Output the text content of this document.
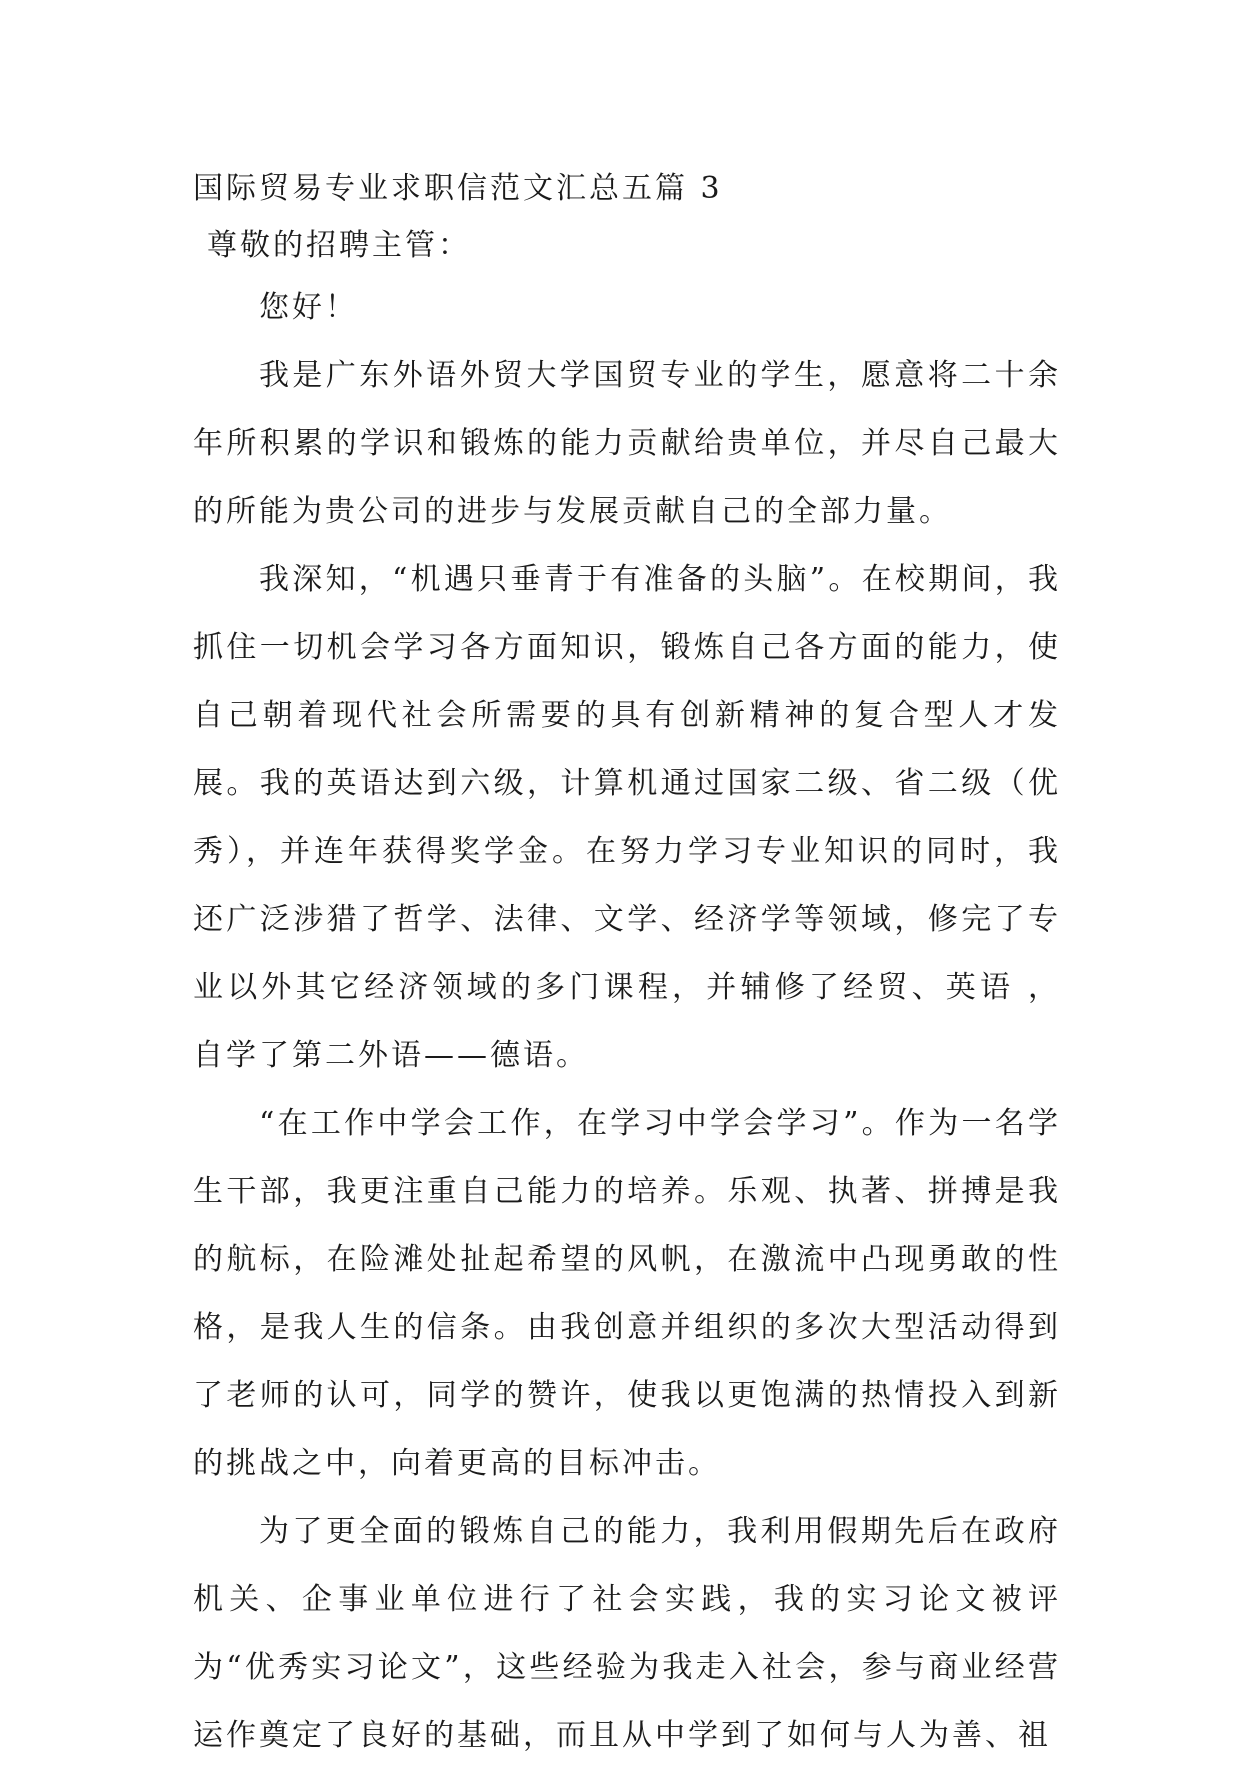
国际贸易专业求职信范文汇总五篇 3

尊敬的招聘主管：

您好！

我是广东外语外贸大学国贸专业的学生，愿意将二十余年所积累的学识和锻炼的能力贡献给贵单位，并尽自己最大的所能为贵公司的进步与发展贡献自己的全部力量。

我深知，“机遇只垂青于有准备的头脑”。在校期间，我抓住一切机会学习各方面知识，锻炼自己各方面的能力，使自己朝着现代社会所需要的具有创新精神的复合型人才发展。我的英语达到六级，计算机通过国家二级、省二级（优秀），并连年获得奖学金。在努力学习专业知识的同时，我还广泛涉猎了哲学、法律、文学、经济学等领域，修完了专业以外其它经济领域的多门课程，并辅修了经贸、英语 ，自学了第二外语——德语。

“在工作中学会工作，在学习中学会学习”。作为一名学生干部，我更注重自己能力的培养。乐观、执著、拼搏是我的航标，在险滩处扯起希望的风帆，在激流中凸现勇敢的性格，是我人生的信条。由我创意并组织的多次大型活动得到了老师的认可，同学的赞许，使我以更饱满的热情投入到新的挑战之中，向着更高的目标冲击。

为了更全面的锻炼自己的能力，我利用假期先后在政府机关、企事业单位进行了社会实践，我的实习论文被评为“优秀实习论文”，这些经验为我走入社会，参与商业经营运作奠定了良好的基础，而且从中学到了如何与人为善、祖
